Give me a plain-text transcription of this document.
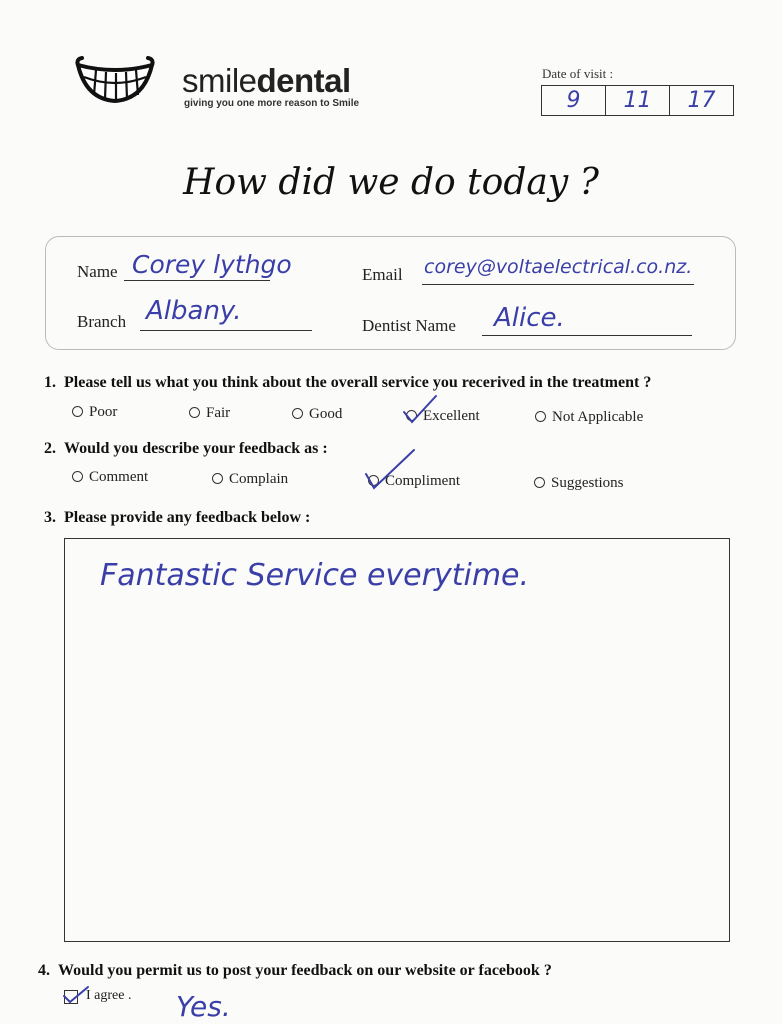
smiledental
giving you one more reason to Smile
Date of visit :
9	11	17
How did we do today ?
Name Corey lythgo	Email corey@voltaelectrical.co.nz.
Branch Albany.	Dentist Name Alice.
1. Please tell us what you think about the overall service you recerived in the treatment ?
Poor	Fair	Good	Excellent	Not Applicable
2. Would you describe your feedback as :
Comment	Complain	Compliment	Suggestions
3. Please provide any feedback below :
Fantastic Service everytime.
4. Would you permit us to post your feedback on our website or facebook ?
I agree . Yes.
